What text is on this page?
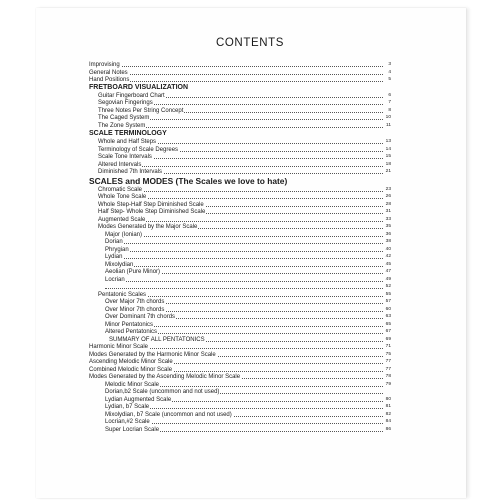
CONTENTS
Improvising	3
General Notes	4
Hand Positions	5
FRETBOARD VISUALIZATION
Guitar Fingerboard Chart	6
Segovian Fingerings	7
Three Notes Per String Concept	8
The Caged System	10
The Zone System	11
SCALE TERMINOLOGY
Whole and Half Steps	13
Terminology of Scale Degrees	14
Scale Tone Intervals	15
Altered Intervals	18
Diminished 7th Intervals	21
SCALES and MODES (The Scales we love to hate)
Chromatic Scale	23
Whole Tone Scale	26
Whole Step-Half Step Diminished Scale	28
Half Step- Whole Step Diminished Scale	31
Augmented Scale	33
Modes Generated by the Major Scale	35
Major (Ionian)	36
Dorian	38
Phrygian	40
Lydian	42
Mixolydian	45
Aeolian (Pure Minor)	47
Locrian	49
52
Pentatonic Scales	55
Over Major 7th chords	57
Over Minor 7th chords	60
Over Dominant 7th chords	63
Minor Pentatonics	65
Altered Pentatonics	67
SUMMARY OF ALL PENTATONICS	69
Harmonic Minor Scale	71
Modes Generated by the Harmonic Minor Scale	75
Ascending Melodic Minor Scale	77
Combined Melodic Minor Scale	77
Modes Generated by the Ascending Melodic Minor Scale	78
Melodic Minor Scale	79
Dorian,b2 Scale (uncommon and not used)
Lydian Augmented Scale	80
Lydian, b7 Scale	81
Mixolydian, b7 Scale (uncommon and not used)	82
Locrian,#2 Scale	84
Super Locrian Scale	86
